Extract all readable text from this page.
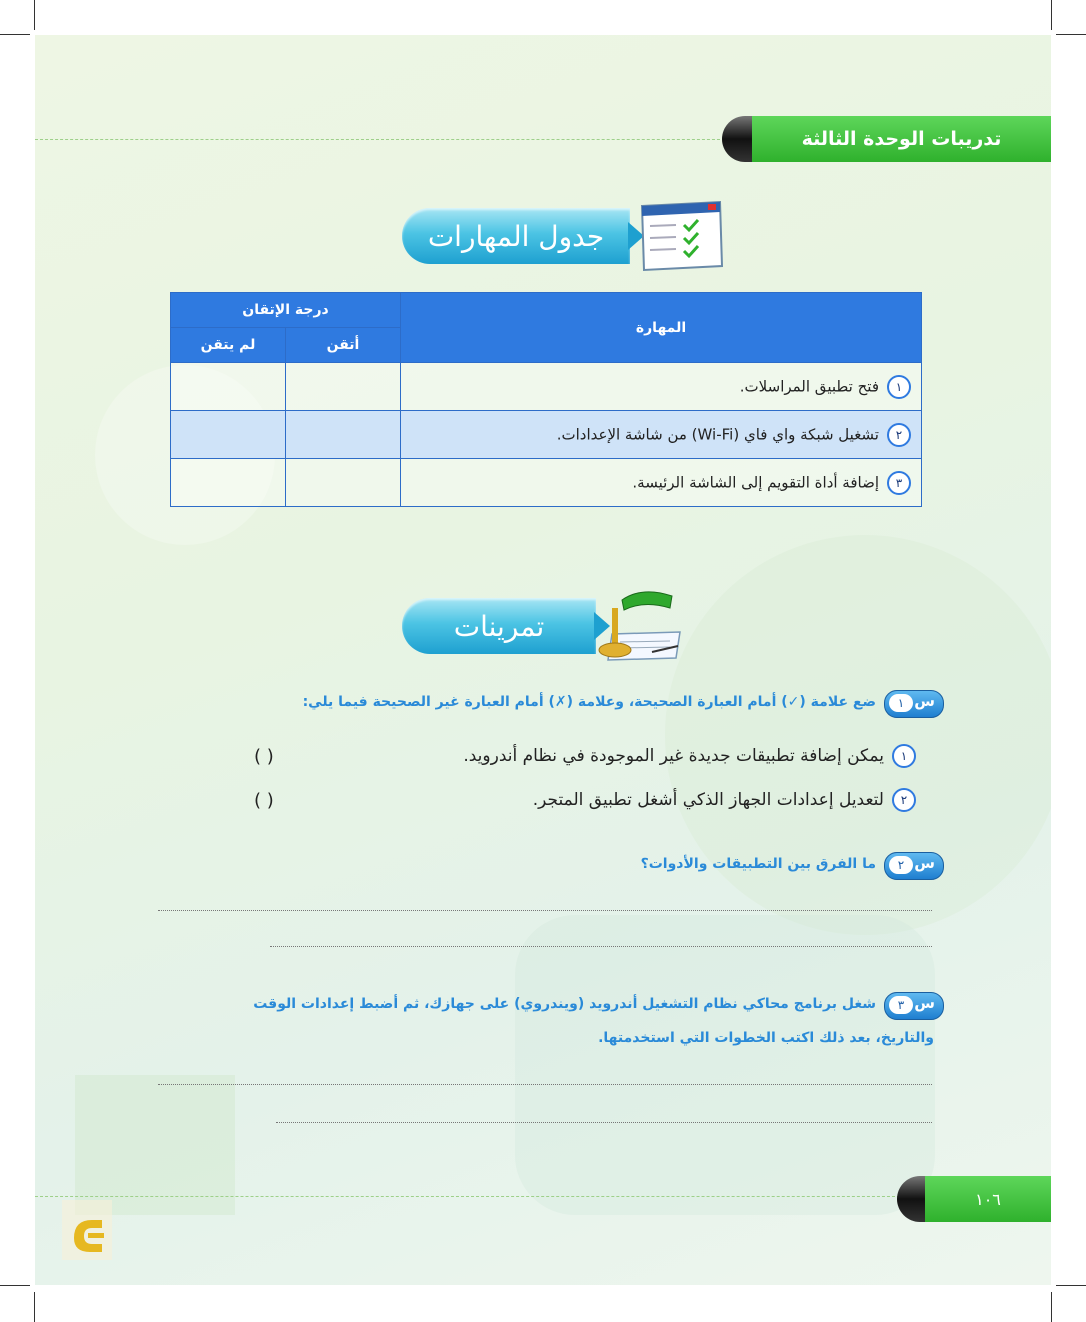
تدريبات الوحدة الثالثة
جدول المهارات
المهارة	درجة الإتقان	
	أتقن	لم يتقن
١فتح تطبيق المراسلات.		
٢تشغيل شبكة واي فاي (Wi-Fi) من شاشة الإعدادات.		
٣إضافة أداة التقويم إلى الشاشة الرئيسة.		
تمرينات
س
١
ضع علامة (✓) أمام العبارة الصحيحة، وعلامة (✗) أمام العبارة غير الصحيحة فيما يلي:
١يمكن إضافة تطبيقات جديدة غير الموجودة في نظام أندرويد.
( )
٢لتعديل إعدادات الجهاز الذكي أشغل تطبيق المتجر.
( )
س
٢
ما الفرق بين التطبيقات والأدوات؟
س
٣
شغل برنامج محاكي نظام التشغيل أندرويد (ويندروي) على جهازك، ثم أضبط إعدادات الوقت
والتاريخ، بعد ذلك اكتب الخطوات التي استخدمتها.
١٠٦
